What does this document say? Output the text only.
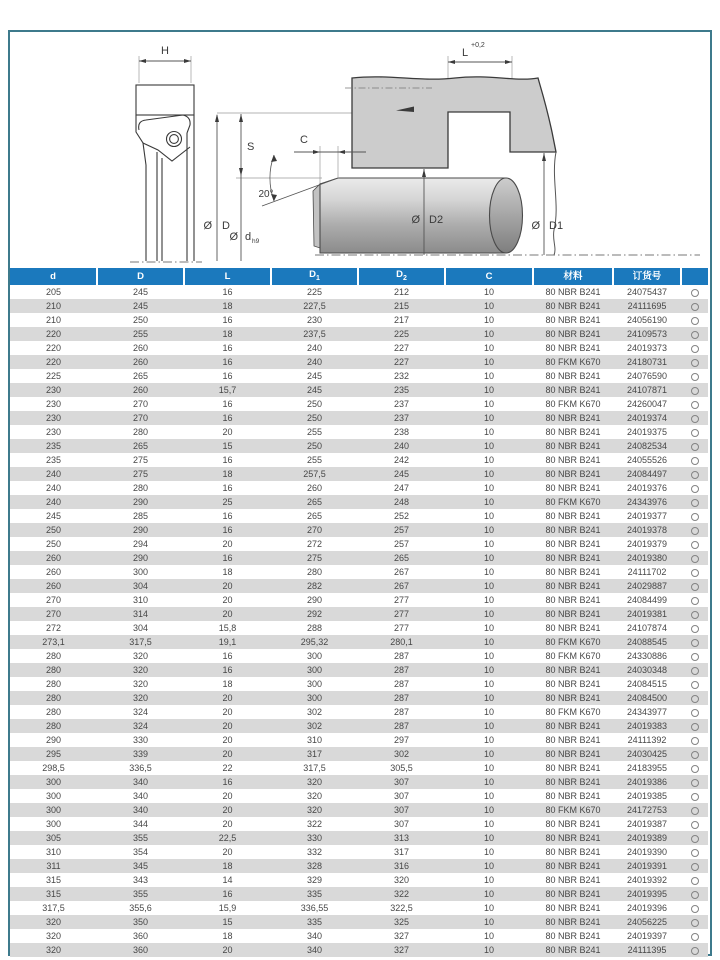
H	L
+0,2
S
C
20°
Ø D
Ø d h9
Ø D2	Ø D1
d	D	L	$D_1$	$D_2$	C	材料	订货号	
205	245	16	225	212	10	80 NBR B241	24075437	
210	245	18	227,5	215	10	80 NBR B241	24111695	
210	250	16	230	217	10	80 NBR B241	24056190	
220	255	18	237,5	225	10	80 NBR B241	24109573	
220	260	16	240	227	10	80 NBR B241	24019373	
220	260	16	240	227	10	80 FKM K670	24180731	
225	265	16	245	232	10	80 NBR B241	24076590	
230	260	15,7	245	235	10	80 NBR B241	24107871	
230	270	16	250	237	10	80 FKM K670	24260047	
230	270	16	250	237	10	80 NBR B241	24019374	
230	280	20	255	238	10	80 NBR B241	24019375	
235	265	15	250	240	10	80 NBR B241	24082534	
235	275	16	255	242	10	80 NBR B241	24055526	
240	275	18	257,5	245	10	80 NBR B241	24084497	
240	280	16	260	247	10	80 NBR B241	24019376	
240	290	25	265	248	10	80 FKM K670	24343976	
245	285	16	265	252	10	80 NBR B241	24019377	
250	290	16	270	257	10	80 NBR B241	24019378	
250	294	20	272	257	10	80 NBR B241	24019379	
260	290	16	275	265	10	80 NBR B241	24019380	
260	300	18	280	267	10	80 NBR B241	24111702	
260	304	20	282	267	10	80 NBR B241	24029887	
270	310	20	290	277	10	80 NBR B241	24084499	
270	314	20	292	277	10	80 NBR B241	24019381	
272	304	15,8	288	277	10	80 NBR B241	24107874	
273,1	317,5	19,1	295,32	280,1	10	80 FKM K670	24088545	
280	320	16	300	287	10	80 FKM K670	24330886	
280	320	16	300	287	10	80 NBR B241	24030348	
280	320	18	300	287	10	80 NBR B241	24084515	
280	320	20	300	287	10	80 NBR B241	24084500	
280	324	20	302	287	10	80 FKM K670	24343977	
280	324	20	302	287	10	80 NBR B241	24019383	
290	330	20	310	297	10	80 NBR B241	24111392	
295	339	20	317	302	10	80 NBR B241	24030425	
298,5	336,5	22	317,5	305,5	10	80 NBR B241	24183955	
300	340	16	320	307	10	80 NBR B241	24019386	
300	340	20	320	307	10	80 NBR B241	24019385	
300	340	20	320	307	10	80 FKM K670	24172753	
300	344	20	322	307	10	80 NBR B241	24019387	
305	355	22,5	330	313	10	80 NBR B241	24019389	
310	354	20	332	317	10	80 NBR B241	24019390	
311	345	18	328	316	10	80 NBR B241	24019391	
315	343	14	329	320	10	80 NBR B241	24019392	
315	355	16	335	322	10	80 NBR B241	24019395	
317,5	355,6	15,9	336,55	322,5	10	80 NBR B241	24019396	
320	350	15	335	325	10	80 NBR B241	24056225	
320	360	18	340	327	10	80 NBR B241	24019397	
320	360	20	340	327	10	80 NBR B241	24111395	
